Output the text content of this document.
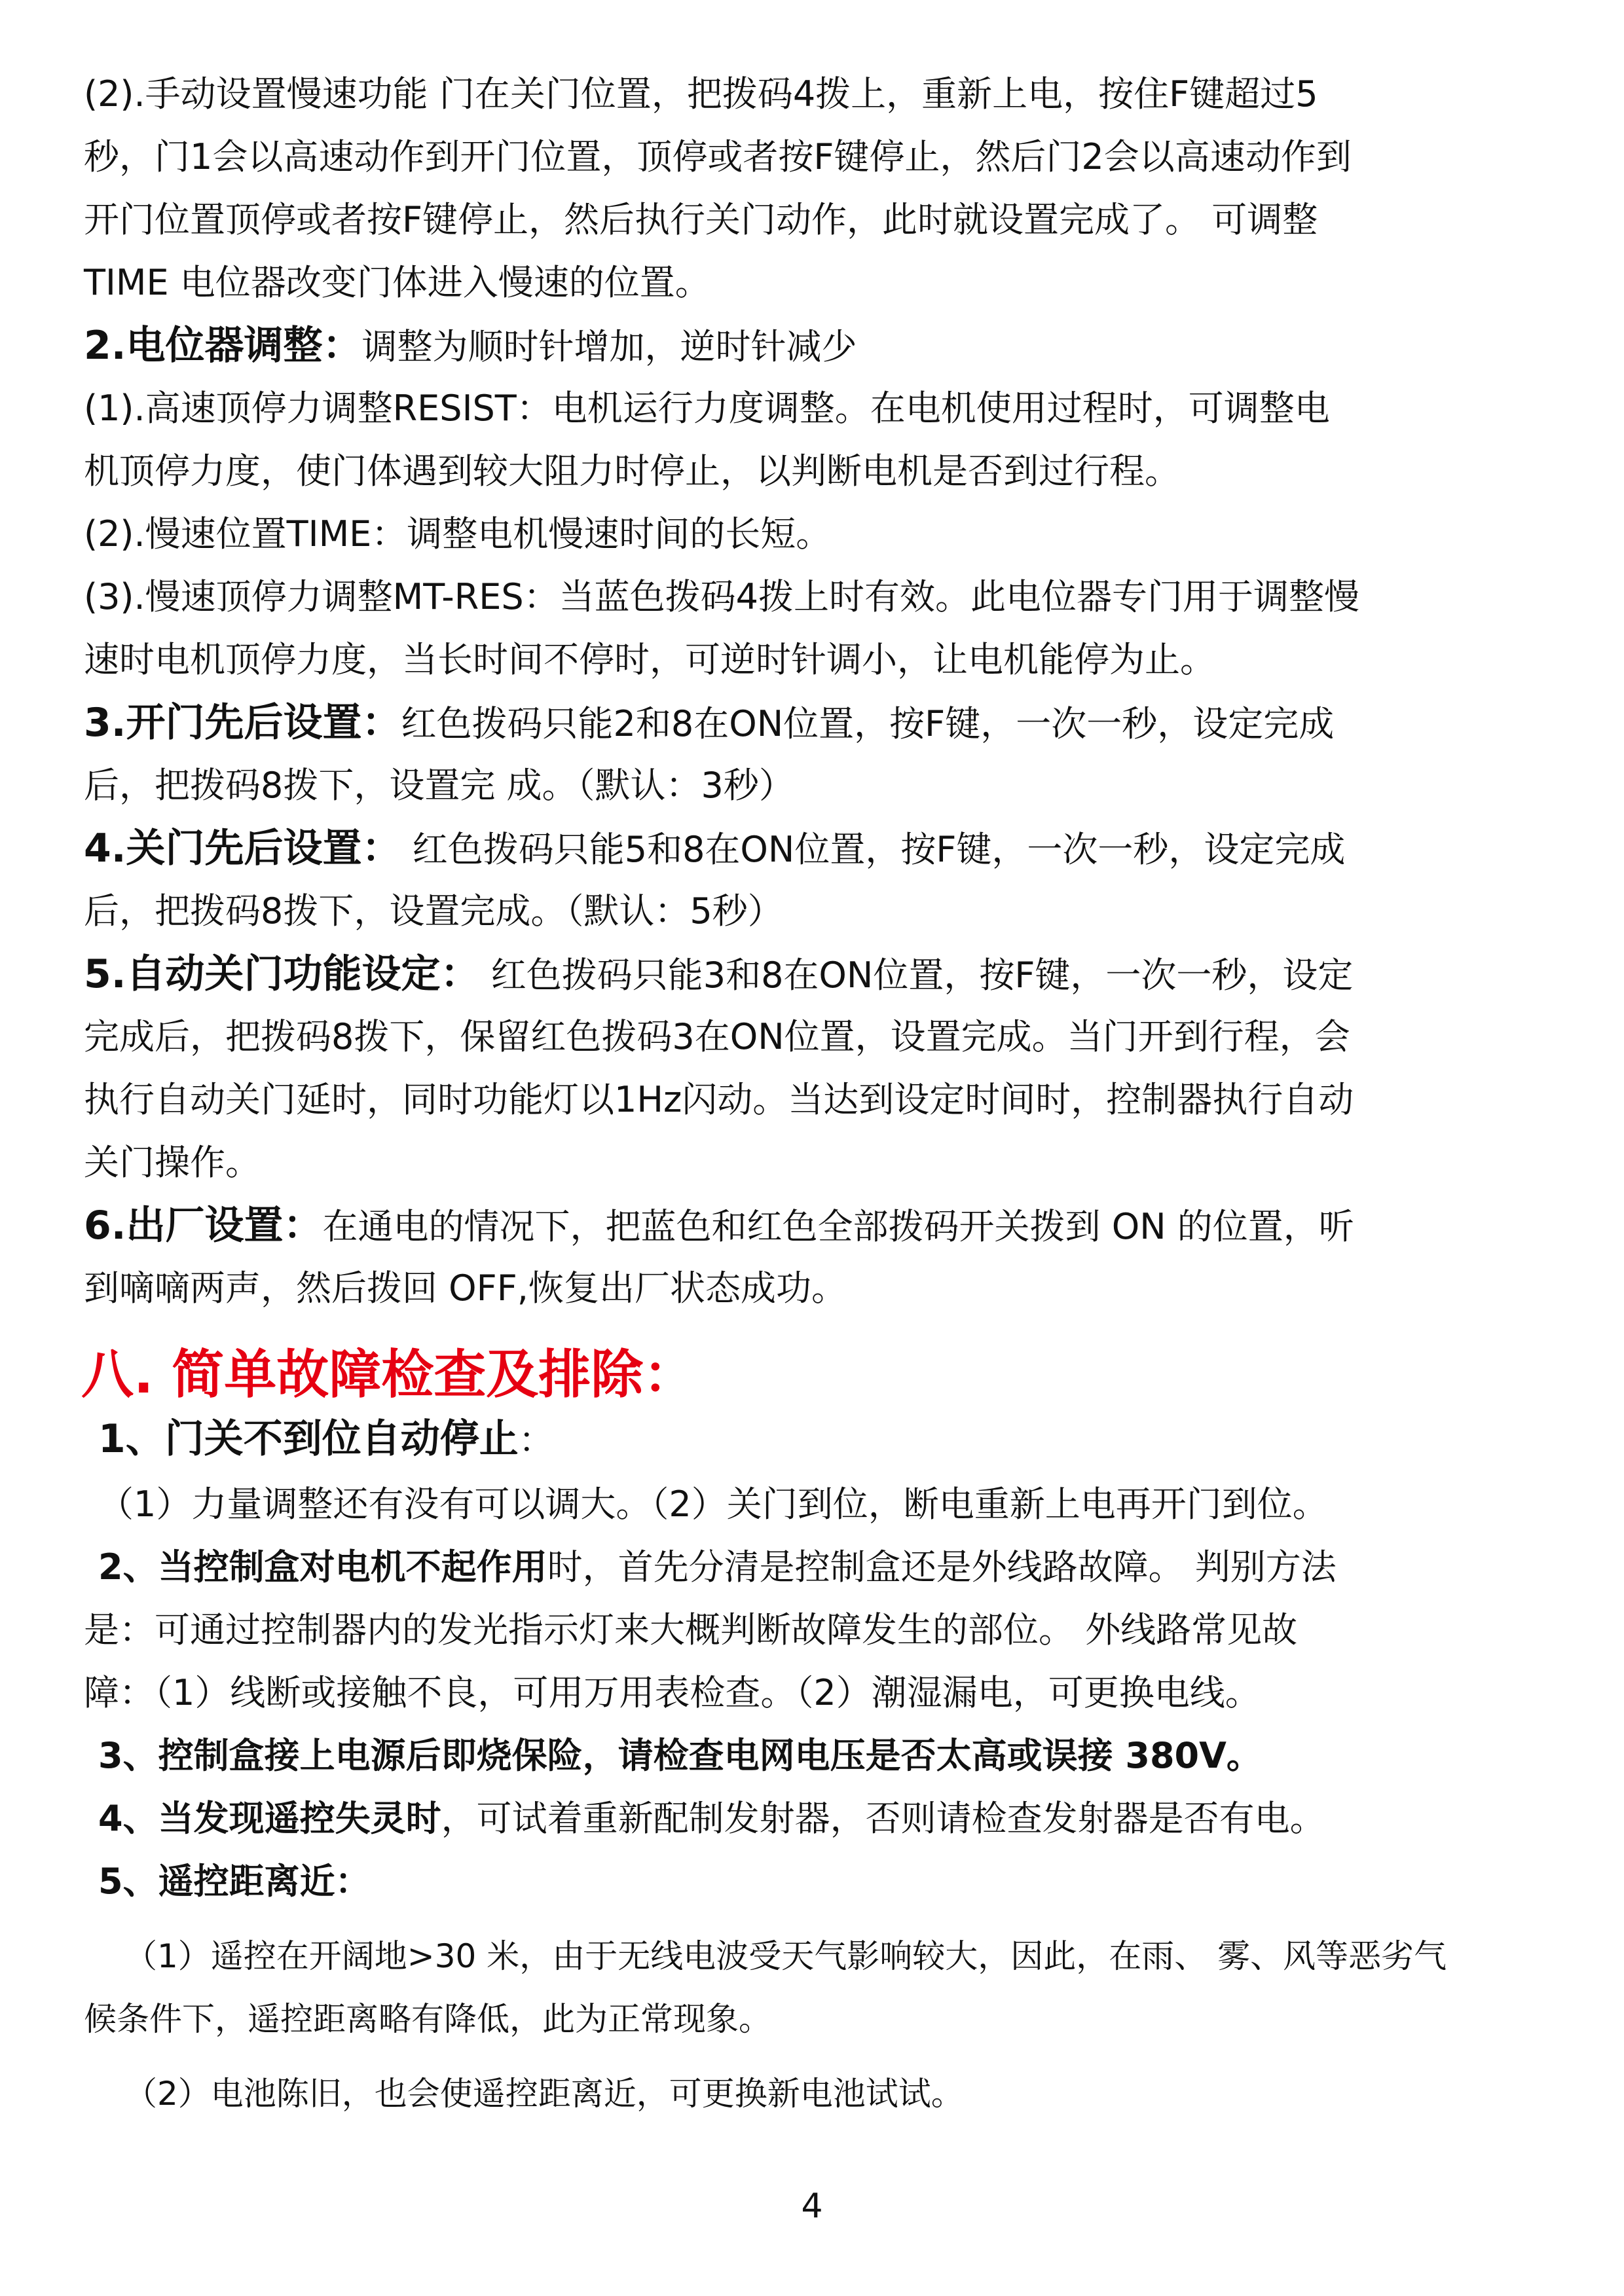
(2).手动设置慢速功能 门在关门位置，把拨码4拨上，重新上电，按住F键超过5
秒，门1会以高速动作到开门位置，顶停或者按F键停止，然后门2会以高速动作到
开门位置顶停或者按F键停止，然后执行关门动作，此时就设置完成了。 可调整
TIME 电位器改变门体进入慢速的位置。
2.电位器调整：调整为顺时针增加，逆时针减少
(1).高速顶停力调整RESIST：电机运行力度调整。在电机使用过程时，可调整电
机顶停力度，使门体遇到较大阻力时停止，以判断电机是否到过行程。
(2).慢速位置TIME：调整电机慢速时间的长短。
(3).慢速顶停力调整MT-RES：当蓝色拨码4拨上时有效。此电位器专门用于调整慢
速时电机顶停力度，当长时间不停时，可逆时针调小，让电机能停为止。
3.开门先后设置：红色拨码只能2和8在ON位置，按F键，一次一秒，设定完成
后，把拨码8拨下，设置完 成。（默认：3秒）
4.关门先后设置： 红色拨码只能5和8在ON位置，按F键，一次一秒，设定完成
后，把拨码8拨下，设置完成。（默认：5秒）
5.自动关门功能设定： 红色拨码只能3和8在ON位置，按F键，一次一秒，设定
完成后，把拨码8拨下，保留红色拨码3在ON位置，设置完成。当门开到行程，会
执行自动关门延时，同时功能灯以1Hz闪动。当达到设定时间时，控制器执行自动
关门操作。
6.出厂设置：在通电的情况下，把蓝色和红色全部拨码开关拨到 ON 的位置，听
到嘀嘀两声，然后拨回 OFF,恢复出厂状态成功。
八. 简单故障检查及排除：
1、门关不到位自动停止：
（1）力量调整还有没有可以调大。（2）关门到位，断电重新上电再开门到位。
2、当控制盒对电机不起作用时，首先分清是控制盒还是外线路故障。 判别方法
是：可通过控制器内的发光指示灯来大概判断故障发生的部位。 外线路常见故
障：（1）线断或接触不良，可用万用表检查。（2）潮湿漏电，可更换电线。
3、控制盒接上电源后即烧保险，请检查电网电压是否太高或误接 380V。
4、当发现遥控失灵时，可试着重新配制发射器，否则请检查发射器是否有电。
5、遥控距离近：
（1）遥控在开阔地>30 米，由于无线电波受天气影响较大，因此，在雨、 雾、风等恶劣气
候条件下，遥控距离略有降低，此为正常现象。
（2）电池陈旧，也会使遥控距离近，可更换新电池试试。
4
